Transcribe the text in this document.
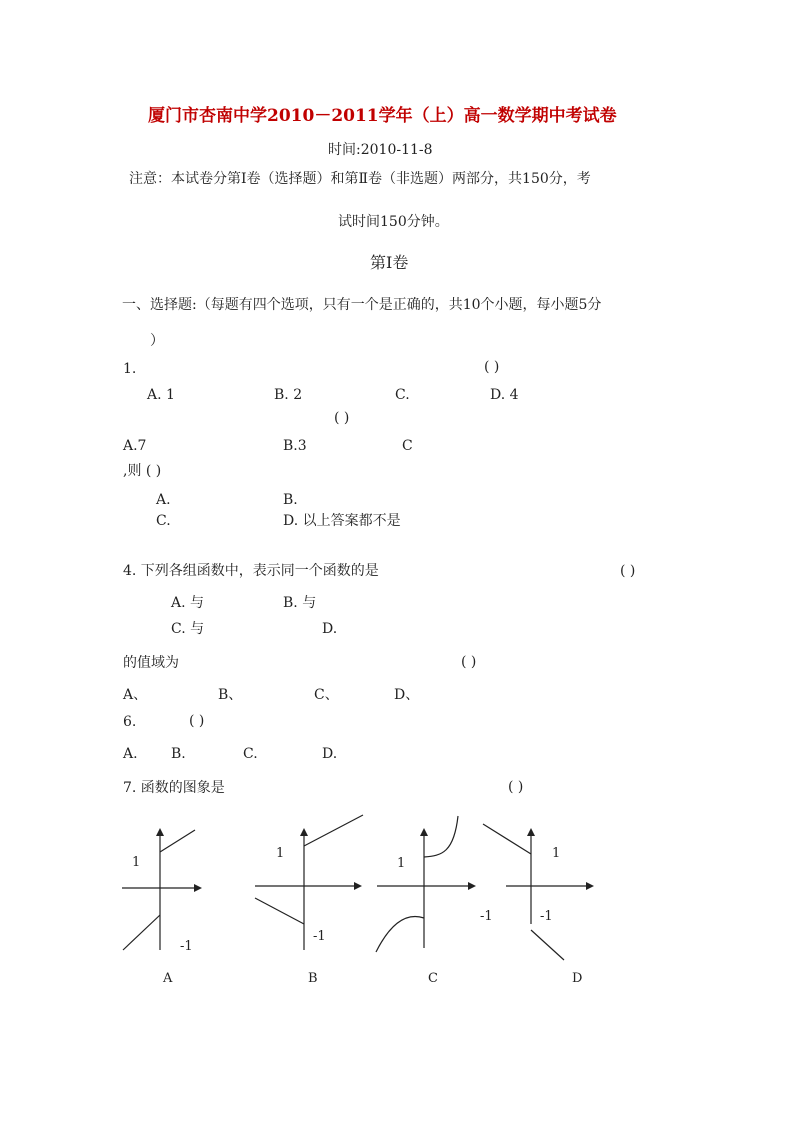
厦门市杏南中学2010－2011学年（上）高一数学期中考试卷
时间:2010-11-8
注意：本试卷分第Ⅰ卷（选择题）和第Ⅱ卷（非选题）两部分，共150分，考
试时间150分钟。
第Ⅰ卷
一、选择题:（每题有四个选项，只有一个是正确的，共10个小题，每小题5分
）
1.	( )
A. 1	B. 2	C.	D. 4
( )
A.7	B.3	C
,则 ( )
A.	B.
C.	D. 以上答案都不是
4. 下列各组函数中，表示同一个函数的是	( )
A. 与	B. 与
C. 与	D.
的值域为	( )
A、	B、	C、	D、
6.	( )
A. B.	C.	D.
7. 函数的图象是	( )
1
-1
A
1
-1
B
1
C
1
-1	-1
D
